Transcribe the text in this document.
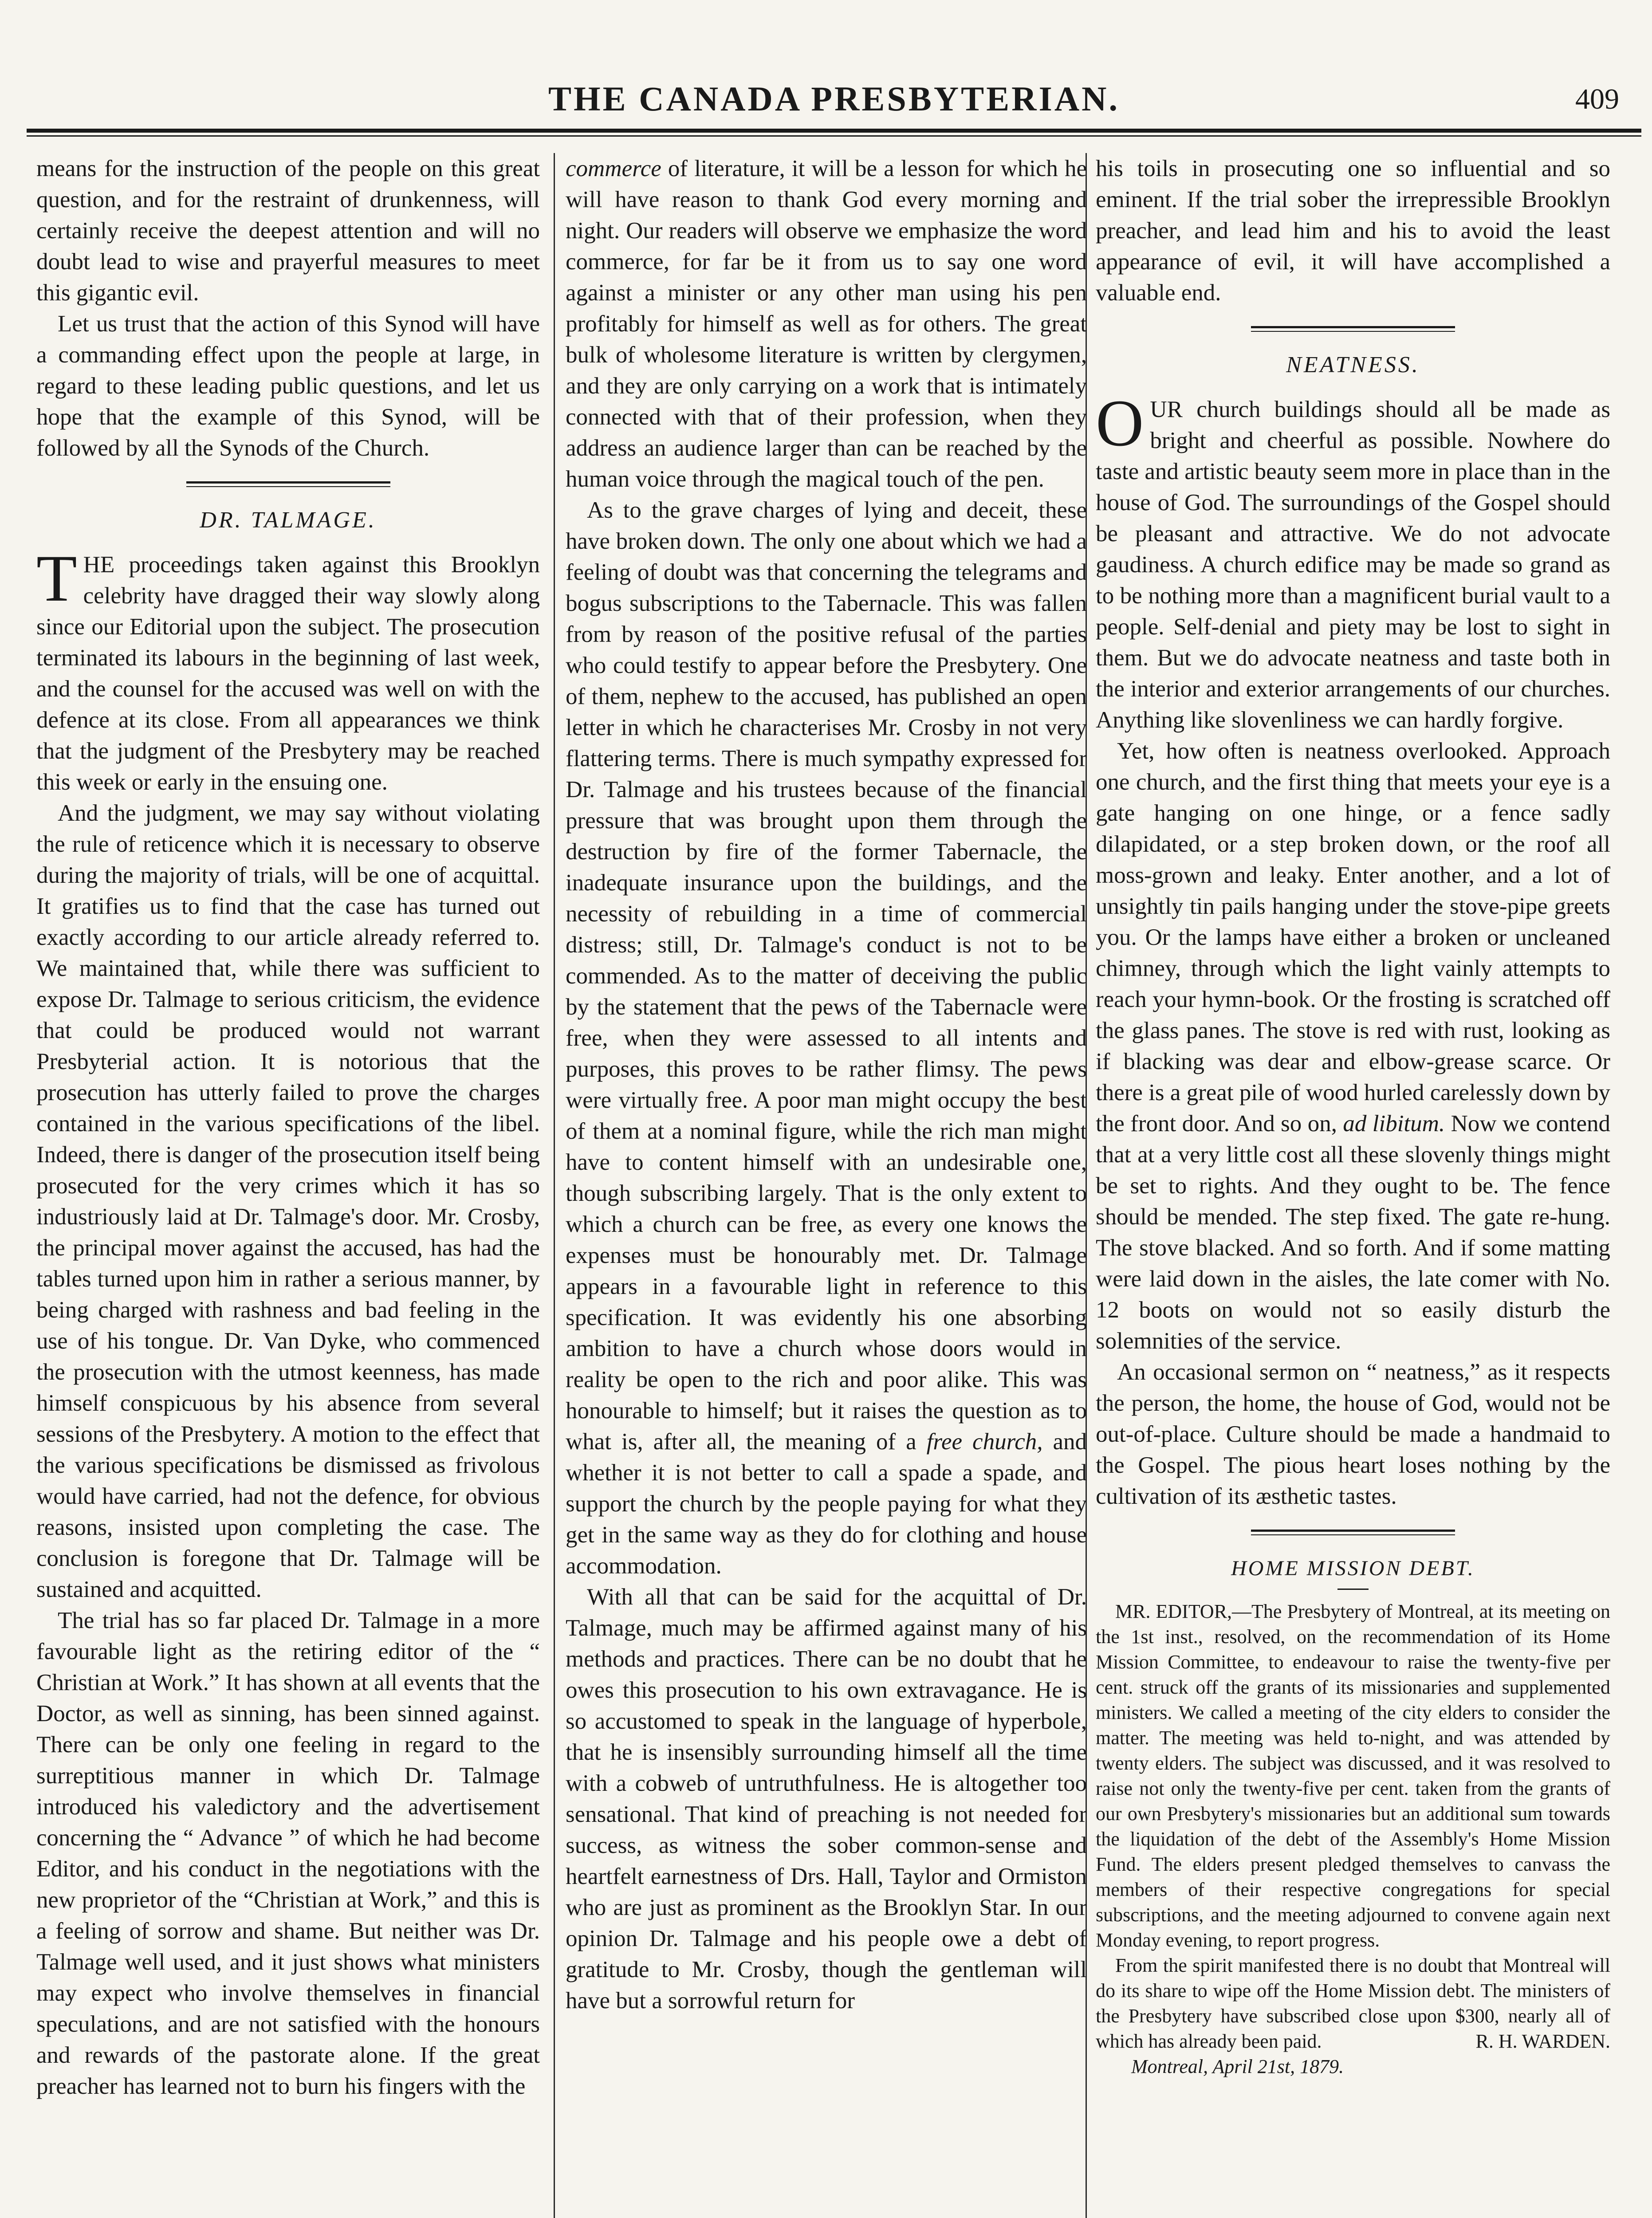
THE CANADA PRESBYTERIAN.	409

means for the instruction of the people on this great question, and for the restraint of drunkenness, will certainly receive the deepest attention and will no doubt lead to wise and prayerful measures to meet this gigantic evil.

Let us trust that the action of this Synod will have a commanding effect upon the people at large, in regard to these leading public questions, and let us hope that the example of this Synod, will be followed by all the Synods of the Church.

DR. TALMAGE.

THE proceedings taken against this Brooklyn celebrity have dragged their way slowly along since our Editorial upon the subject. The prosecution terminated its labours in the beginning of last week, and the counsel for the accused was well on with the defence at its close. From all appearances we think that the judgment of the Presbytery may be reached this week or early in the ensuing one.

And the judgment, we may say without violating the rule of reticence which it is necessary to observe during the majority of trials, will be one of acquittal. It gratifies us to find that the case has turned out exactly according to our article already referred to. We maintained that, while there was sufficient to expose Dr. Talmage to serious criticism, the evidence that could be produced would not warrant Presbyterial action. It is notorious that the prosecution has utterly failed to prove the charges contained in the various specifications of the libel. Indeed, there is danger of the prosecution itself being prosecuted for the very crimes which it has so industriously laid at Dr. Talmage's door. Mr. Crosby, the principal mover against the accused, has had the tables turned upon him in rather a serious manner, by being charged with rashness and bad feeling in the use of his tongue. Dr. Van Dyke, who commenced the prosecution with the utmost keenness, has made himself conspicuous by his absence from several sessions of the Presbytery. A motion to the effect that the various specifications be dismissed as frivolous would have carried, had not the defence, for obvious reasons, insisted upon completing the case. The conclusion is foregone that Dr. Talmage will be sustained and acquitted.

The trial has so far placed Dr. Talmage in a more favourable light as the retiring editor of the “ Christian at Work.” It has shown at all events that the Doctor, as well as sinning, has been sinned against. There can be only one feeling in regard to the surreptitious manner in which Dr. Talmage introduced his valedictory and the advertisement concerning the “ Advance ” of which he had become Editor, and his conduct in the negotiations with the new proprietor of the “Christian at Work,” and this is a feeling of sorrow and shame. But neither was Dr. Talmage well used, and it just shows what ministers may expect who involve themselves in financial speculations, and are not satisfied with the honours and rewards of the pastorate alone. If the great preacher has learned not to burn his fingers with the

commerce of literature, it will be a lesson for which he will have reason to thank God every morning and night. Our readers will observe we emphasize the word commerce, for far be it from us to say one word against a minister or any other man using his pen profitably for himself as well as for others. The great bulk of wholesome literature is written by clergymen, and they are only carrying on a work that is intimately connected with that of their profession, when they address an audience larger than can be reached by the human voice through the magical touch of the pen.

As to the grave charges of lying and deceit, these have broken down. The only one about which we had a feeling of doubt was that concerning the telegrams and bogus subscriptions to the Tabernacle. This was fallen from by reason of the positive refusal of the parties who could testify to appear before the Presbytery. One of them, nephew to the accused, has published an open letter in which he characterises Mr. Crosby in not very flattering terms. There is much sympathy expressed for Dr. Talmage and his trustees because of the financial pressure that was brought upon them through the destruction by fire of the former Tabernacle, the inadequate insurance upon the buildings, and the necessity of rebuilding in a time of commercial distress; still, Dr. Talmage's conduct is not to be commended. As to the matter of deceiving the public by the statement that the pews of the Tabernacle were free, when they were assessed to all intents and purposes, this proves to be rather flimsy. The pews were virtually free. A poor man might occupy the best of them at a nominal figure, while the rich man might have to content himself with an undesirable one, though subscribing largely. That is the only extent to which a church can be free, as every one knows the expenses must be honourably met. Dr. Talmage appears in a favourable light in reference to this specification. It was evidently his one absorbing ambition to have a church whose doors would in reality be open to the rich and poor alike. This was honourable to himself; but it raises the question as to what is, after all, the meaning of a free church, and whether it is not better to call a spade a spade, and support the church by the people paying for what they get in the same way as they do for clothing and house accommodation.

With all that can be said for the acquittal of Dr. Talmage, much may be affirmed against many of his methods and practices. There can be no doubt that he owes this prosecution to his own extravagance. He is so accustomed to speak in the language of hyperbole, that he is insensibly surrounding himself all the time with a cobweb of untruthfulness. He is altogether too sensational. That kind of preaching is not needed for success, as witness the sober common-sense and heartfelt earnestness of Drs. Hall, Taylor and Ormiston who are just as prominent as the Brooklyn Star. In our opinion Dr. Talmage and his people owe a debt of gratitude to Mr. Crosby, though the gentleman will have but a sorrowful return for

his toils in prosecuting one so influential and so eminent. If the trial sober the irrepressible Brooklyn preacher, and lead him and his to avoid the least appearance of evil, it will have accomplished a valuable end.

NEATNESS.

OUR church buildings should all be made as bright and cheerful as possible. Nowhere do taste and artistic beauty seem more in place than in the house of God. The surroundings of the Gospel should be pleasant and attractive. We do not advocate gaudiness. A church edifice may be made so grand as to be nothing more than a magnificent burial vault to a people. Self-denial and piety may be lost to sight in them. But we do advocate neatness and taste both in the interior and exterior arrangements of our churches. Anything like slovenliness we can hardly forgive.

Yet, how often is neatness overlooked. Approach one church, and the first thing that meets your eye is a gate hanging on one hinge, or a fence sadly dilapidated, or a step broken down, or the roof all moss-grown and leaky. Enter another, and a lot of unsightly tin pails hanging under the stove-pipe greets you. Or the lamps have either a broken or uncleaned chimney, through which the light vainly attempts to reach your hymn-book. Or the frosting is scratched off the glass panes. The stove is red with rust, looking as if blacking was dear and elbow-grease scarce. Or there is a great pile of wood hurled carelessly down by the front door. And so on, ad libitum. Now we contend that at a very little cost all these slovenly things might be set to rights. And they ought to be. The fence should be mended. The step fixed. The gate re-hung. The stove blacked. And so forth. And if some matting were laid down in the aisles, the late comer with No. 12 boots on would not so easily disturb the solemnities of the service.

An occasional sermon on “ neatness,” as it respects the person, the home, the house of God, would not be out-of-place. Culture should be made a handmaid to the Gospel. The pious heart loses nothing by the cultivation of its æsthetic tastes.

HOME MISSION DEBT.

MR. EDITOR,—The Presbytery of Montreal, at its meeting on the 1st inst., resolved, on the recommendation of its Home Mission Committee, to endeavour to raise the twenty-five per cent. struck off the grants of its missionaries and supplemented ministers. We called a meeting of the city elders to consider the matter. The meeting was held to-night, and was attended by twenty elders. The subject was discussed, and it was resolved to raise not only the twenty-five per cent. taken from the grants of our own Presbytery's missionaries but an additional sum towards the liquidation of the debt of the Assembly's Home Mission Fund. The elders present pledged themselves to canvass the members of their respective congregations for special subscriptions, and the meeting adjourned to convene again next Monday evening, to report progress.

From the spirit manifested there is no doubt that Montreal will do its share to wipe off the Home Mission debt. The ministers of the Presbytery have subscribed close upon $300, nearly all of which has already been paid.	R. H. WARDEN.

Montreal, April 21st, 1879.
